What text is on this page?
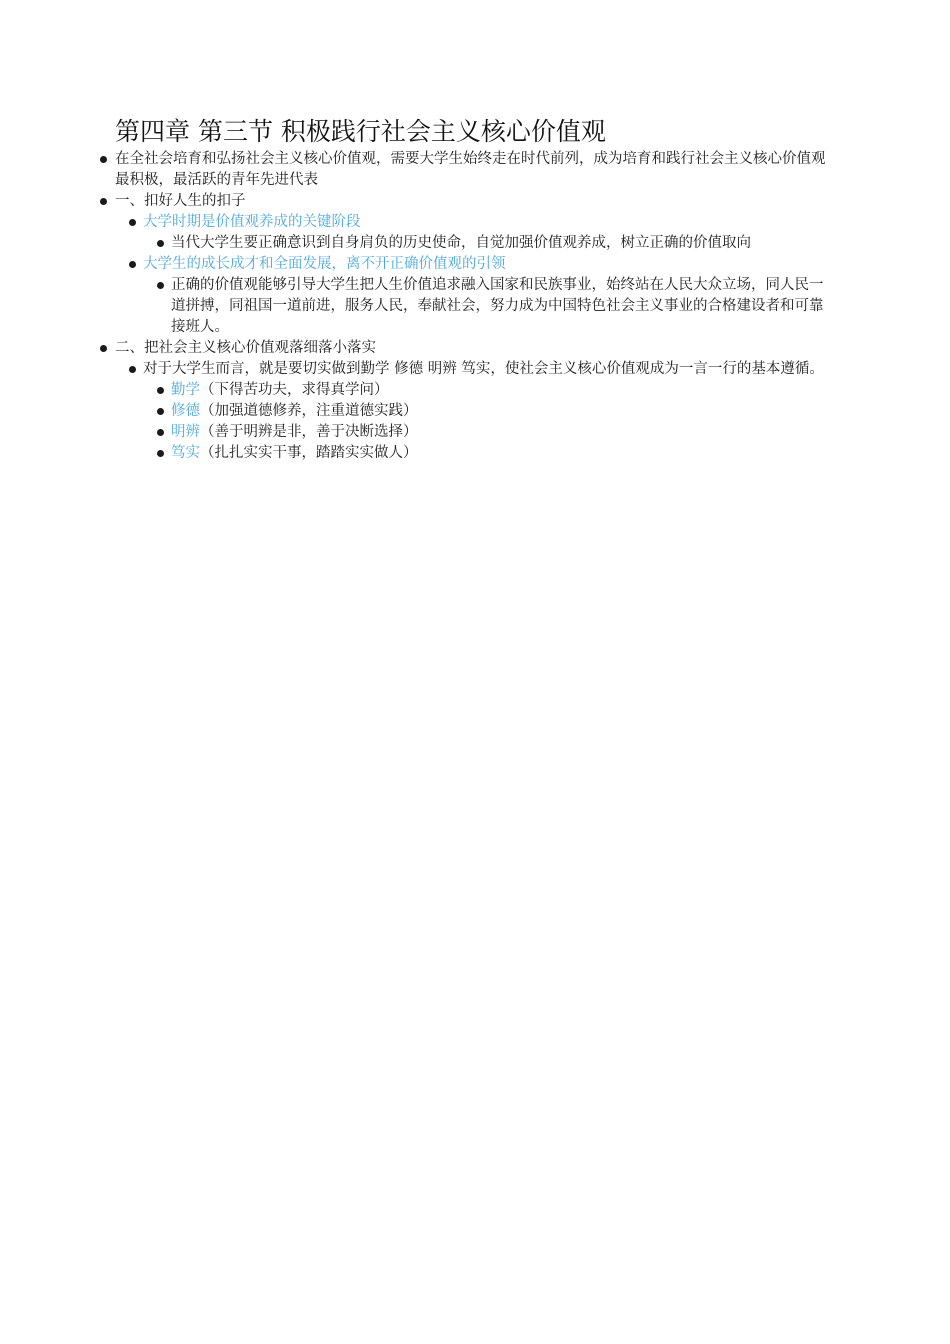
第四章 第三节 积极践行社会主义核心价值观
在全社会培育和弘扬社会主义核心价值观，需要大学生始终走在时代前列，成为培育和践行社会主义核心价值观最积极，最活跃的青年先进代表
一、扣好人生的扣子
大学时期是价值观养成的关键阶段
当代大学生要正确意识到自身肩负的历史使命，自觉加强价值观养成，树立正确的价值取向
大学生的成长成才和全面发展，离不开正确价值观的引领
正确的价值观能够引导大学生把人生价值追求融入国家和民族事业，始终站在人民大众立场，同人民一道拼搏，同祖国一道前进，服务人民，奉献社会，努力成为中国特色社会主义事业的合格建设者和可靠接班人。
二、把社会主义核心价值观落细落小落实
对于大学生而言，就是要切实做到勤学 修德 明辨 笃实，使社会主义核心价值观成为一言一行的基本遵循。
勤学（下得苦功夫，求得真学问）
修德（加强道德修养，注重道德实践）
明辨（善于明辨是非，善于决断选择）
笃实（扎扎实实干事，踏踏实实做人）
